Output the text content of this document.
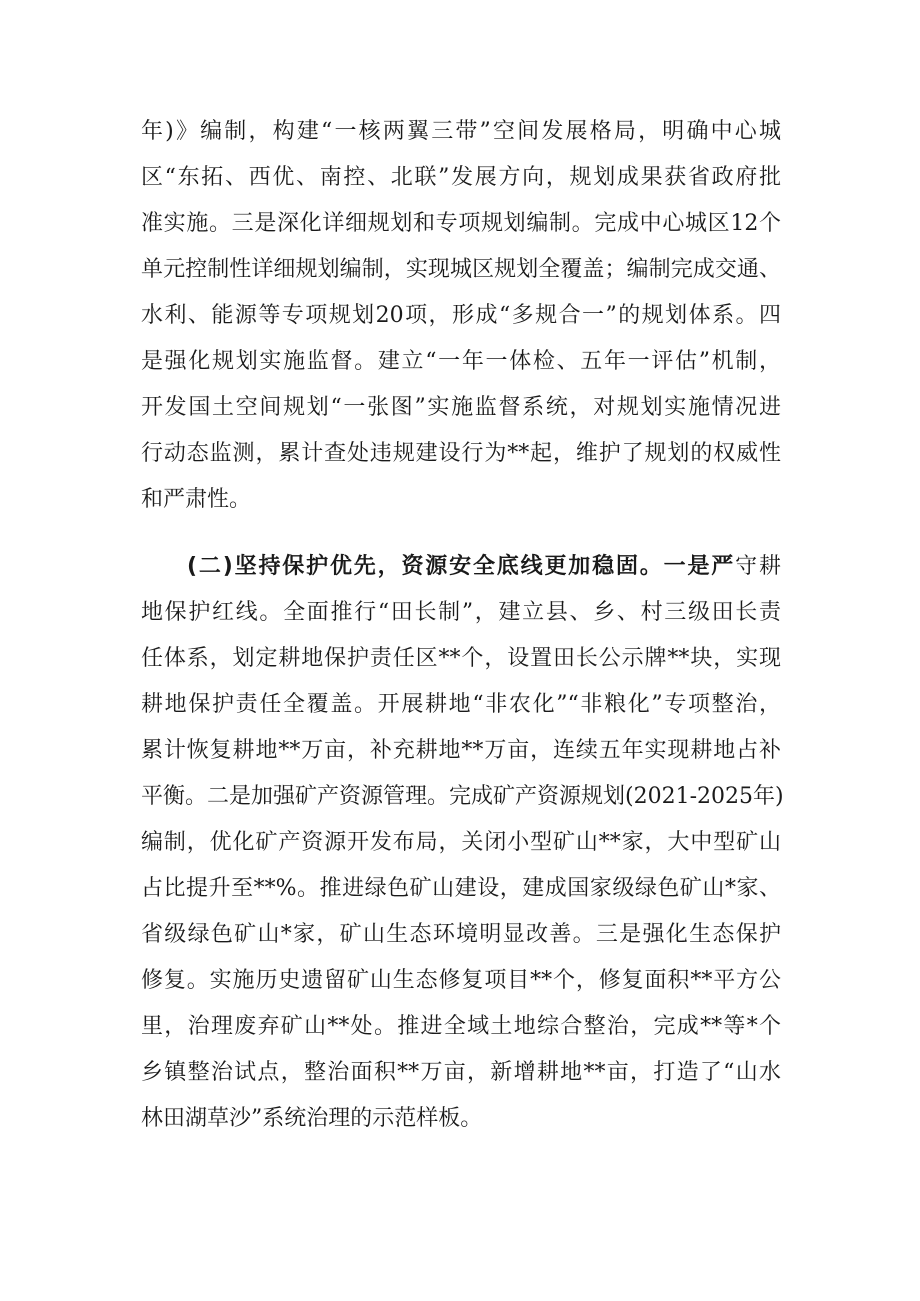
年)》编制，构建“一核两翼三带”空间发展格局，明确中心城
区“东拓、西优、南控、北联”发展方向，规划成果获省政府批
准实施。三是深化详细规划和专项规划编制。完成中心城区12个
单元控制性详细规划编制，实现城区规划全覆盖；编制完成交通、
水利、能源等专项规划20项，形成“多规合一”的规划体系。四
是强化规划实施监督。建立“一年一体检、五年一评估”机制，
开发国土空间规划“一张图”实施监督系统，对规划实施情况进
行动态监测，累计查处违规建设行为**起，维护了规划的权威性
和严肃性。
(二)坚持保护优先，资源安全底线更加稳固。一是严守耕
地保护红线。全面推行“田长制”，建立县、乡、村三级田长责
任体系，划定耕地保护责任区**个，设置田长公示牌**块，实现
耕地保护责任全覆盖。开展耕地“非农化”“非粮化”专项整治，
累计恢复耕地**万亩，补充耕地**万亩，连续五年实现耕地占补
平衡。二是加强矿产资源管理。完成矿产资源规划(2021-2025年)
编制，优化矿产资源开发布局，关闭小型矿山**家，大中型矿山
占比提升至**%。推进绿色矿山建设，建成国家级绿色矿山*家、
省级绿色矿山*家，矿山生态环境明显改善。三是强化生态保护
修复。实施历史遗留矿山生态修复项目**个，修复面积**平方公
里，治理废弃矿山**处。推进全域土地综合整治，完成**等*个
乡镇整治试点，整治面积**万亩，新增耕地**亩，打造了“山水
林田湖草沙”系统治理的示范样板。
